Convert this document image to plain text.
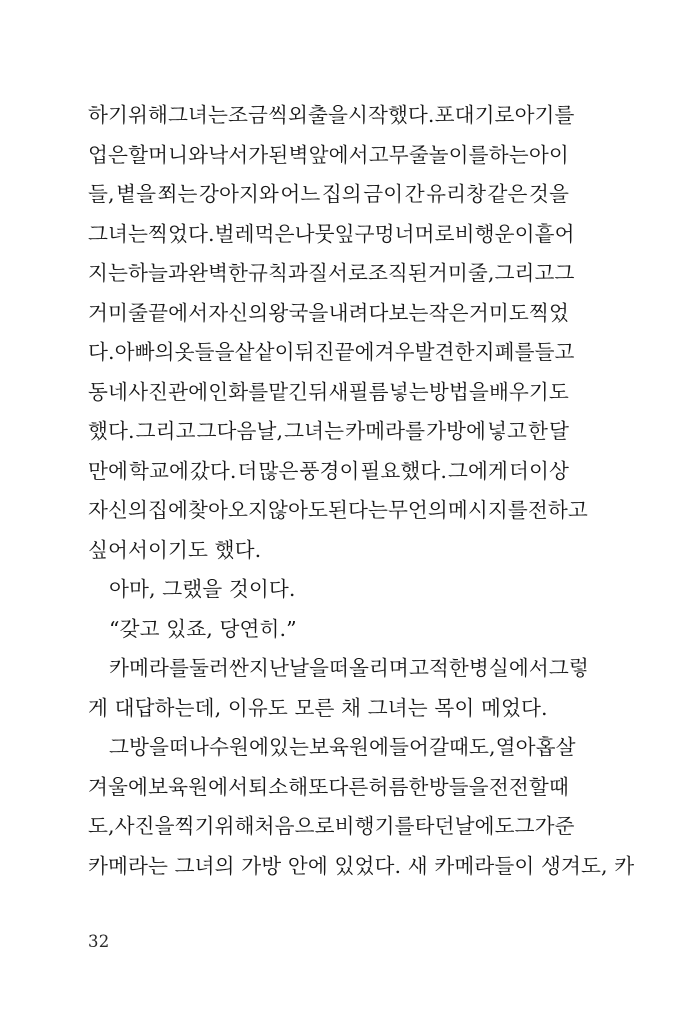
하기 위해 그녀는 조금씩 외출을 시작했다. 포대기로 아기를
업은 할머니와 낙서가 된 벽 앞에서 고무줄놀이를 하는 아이
들, 볕을 쬐는 강아지와 어느 집의 금이 간 유리창 같은 것을
그녀는 찍었다. 벌레 먹은 나뭇잎 구멍 너머로 비행운이 흩어
지는 하늘과 완벽한 규칙과 질서로 조직된 거미줄, 그리고 그
거미줄 끝에서 자신의 왕국을 내려다보는 작은 거미도 찍었
다. 아빠의 옷들을 샅샅이 뒤진 끝에 겨우 발견한 지폐를 들고
동네 사진관에 인화를 맡긴 뒤 새 필름 넣는 방법을 배우기도
했다. 그리고 그다음날, 그녀는 카메라를 가방에 넣고 한 달
만에 학교에 갔다. 더 많은 풍경이 필요했다. 그에게 더이상
자신의 집에 찾아오지 않아도 된다는 무언의 메시지를 전하고
싶어서이기도 했다.
아마, 그랬을 것이다.
“갖고 있죠, 당연히.”
카메라를 둘러싼 지난날을 떠올리며 고적한 병실에서 그렇
게 대답하는데, 이유도 모른 채 그녀는 목이 메었다.
그 방을 떠나 수원에 있는 보육원에 들어갈 때도, 열아홉 살
겨울에 보육원에서 퇴소해 또다른 허름한 방들을 전전할 때
도, 사진을 찍기 위해 처음으로 비행기를 타던 날에도 그가 준
카메라는 그녀의 가방 안에 있었다. 새 카메라들이 생겨도, 카
32
